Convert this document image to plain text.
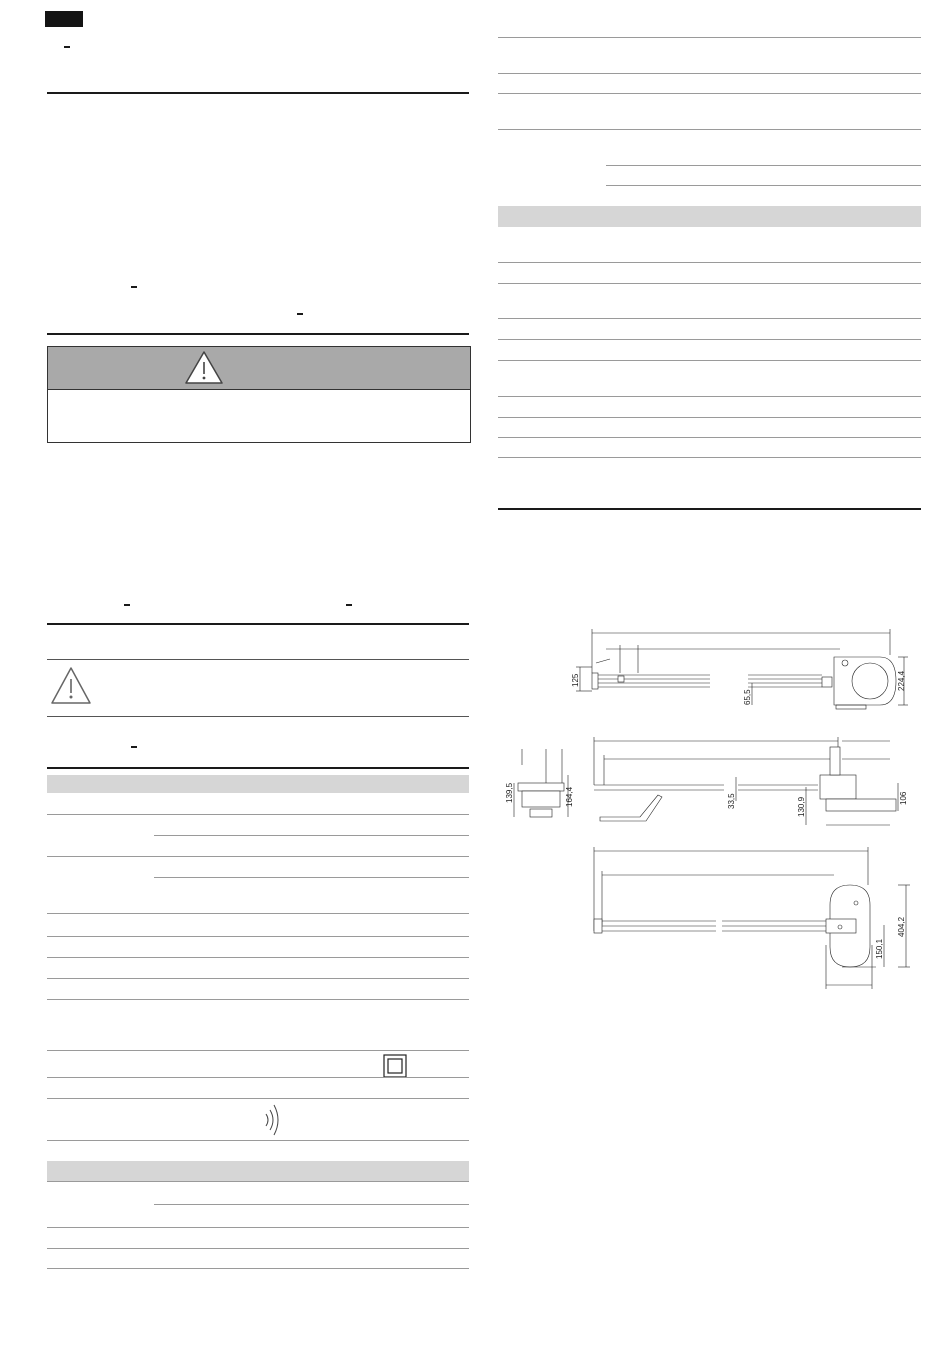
125	224,4
65,5
139,5	164,4	33,5	130,9	106
150,1
404,2
